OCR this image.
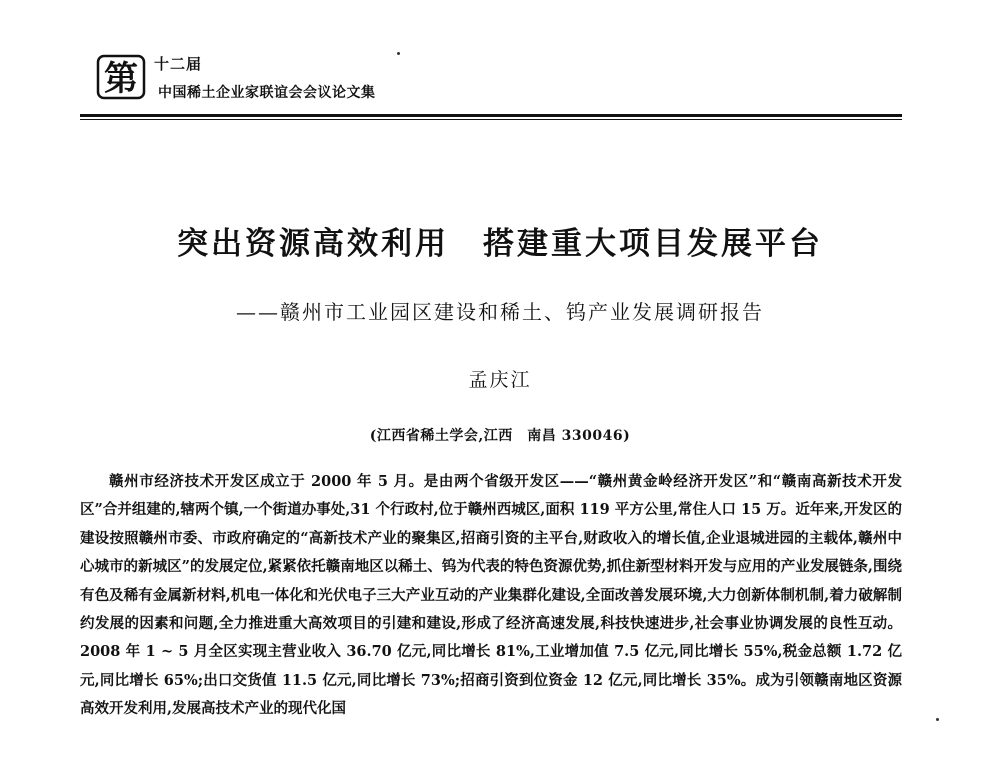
第 十二届
中国稀土企业家联谊会会议论文集
突出资源高效利用 搭建重大项目发展平台
——赣州市工业园区建设和稀土、钨产业发展调研报告
孟庆江
(江西省稀土学会,江西　南昌 330046)

赣州市经济技术开发区成立于 2000 年 5 月。是由两个省级开发区——“赣州黄金岭经济开发区”和“赣南高新技术开发区”合并组建的,辖两个镇,一个街道办事处,31 个行政村,位于赣州西城区,面积 119 平方公里,常住人口 15 万。近年来,开发区的建设按照赣州市委、市政府确定的“高新技术产业的聚集区,招商引资的主平台,财政收入的增长值,企业退城进园的主载体,赣州中心城市的新城区”的发展定位,紧紧依托赣南地区以稀土、钨为代表的特色资源优势,抓住新型材料开发与应用的产业发展链条,围绕有色及稀有金属新材料,机电一体化和光伏电子三大产业互动的产业集群化建设,全面改善发展环境,大力创新体制机制,着力破解制约发展的因素和问题,全力推进重大高效项目的引建和建设,形成了经济高速发展,科技快速进步,社会事业协调发展的良性互动。2008 年 1 ~ 5 月全区实现主营业收入 36.70 亿元,同比增长 81%,工业增加值 7.5 亿元,同比增长 55%,税金总额 1.72 亿元,同比增长 65%;出口交货值 11.5 亿元,同比增长 73%;招商引资到位资金 12 亿元,同比增长 35%。成为引领赣南地区资源高效开发利用,发展高技术产业的现代化国
